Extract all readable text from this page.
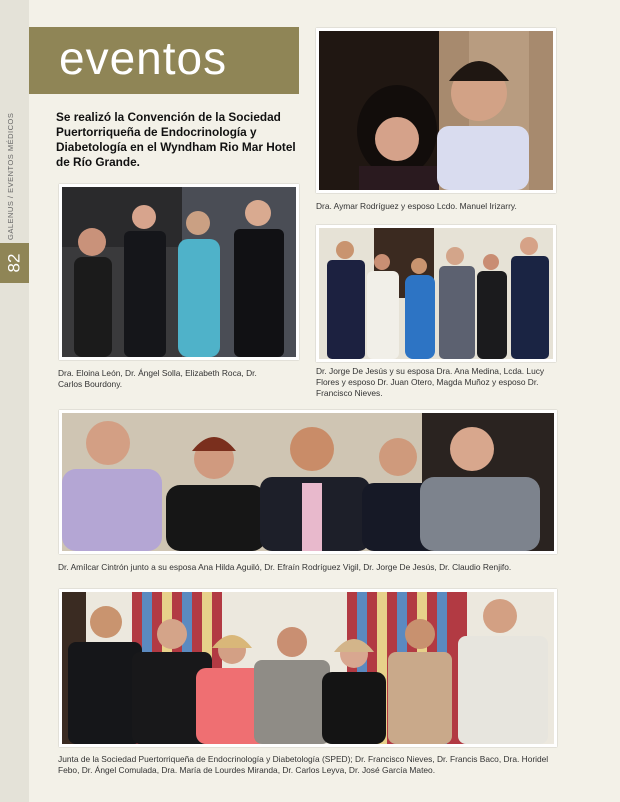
GALENUS / EVENTOS MÉDICOS
82
eventos
Se realizó la Convención de la Sociedad Puertorriqueña de Endocrinología y Diabetología en el Wyndham Rio Mar Hotel de Río Grande.
Dra. Eloina León, Dr. Ángel Solla, Elizabeth Roca, Dr. Carlos Bourdony.
Dra. Aymar Rodríguez y esposo Lcdo. Manuel Irizarry.
Dr. Jorge De Jesús y su esposa Dra. Ana Medina, Lcda. Lucy Flores y esposo Dr. Juan Otero, Magda Muñoz y esposo Dr. Francisco Nieves.
Dr. Amílcar Cintrón junto a su esposa Ana Hilda Aguiló, Dr. Efraín Rodríguez Vigil, Dr. Jorge De Jesús, Dr. Claudio Renjifo.
Junta de la Sociedad Puertorriqueña de Endocrinología y Diabetología (SPED); Dr. Francisco Nieves, Dr. Francis Baco, Dra. Horidel Febo, Dr. Ángel Comulada, Dra. María de Lourdes Miranda, Dr. Carlos Leyva, Dr. José García Mateo.
